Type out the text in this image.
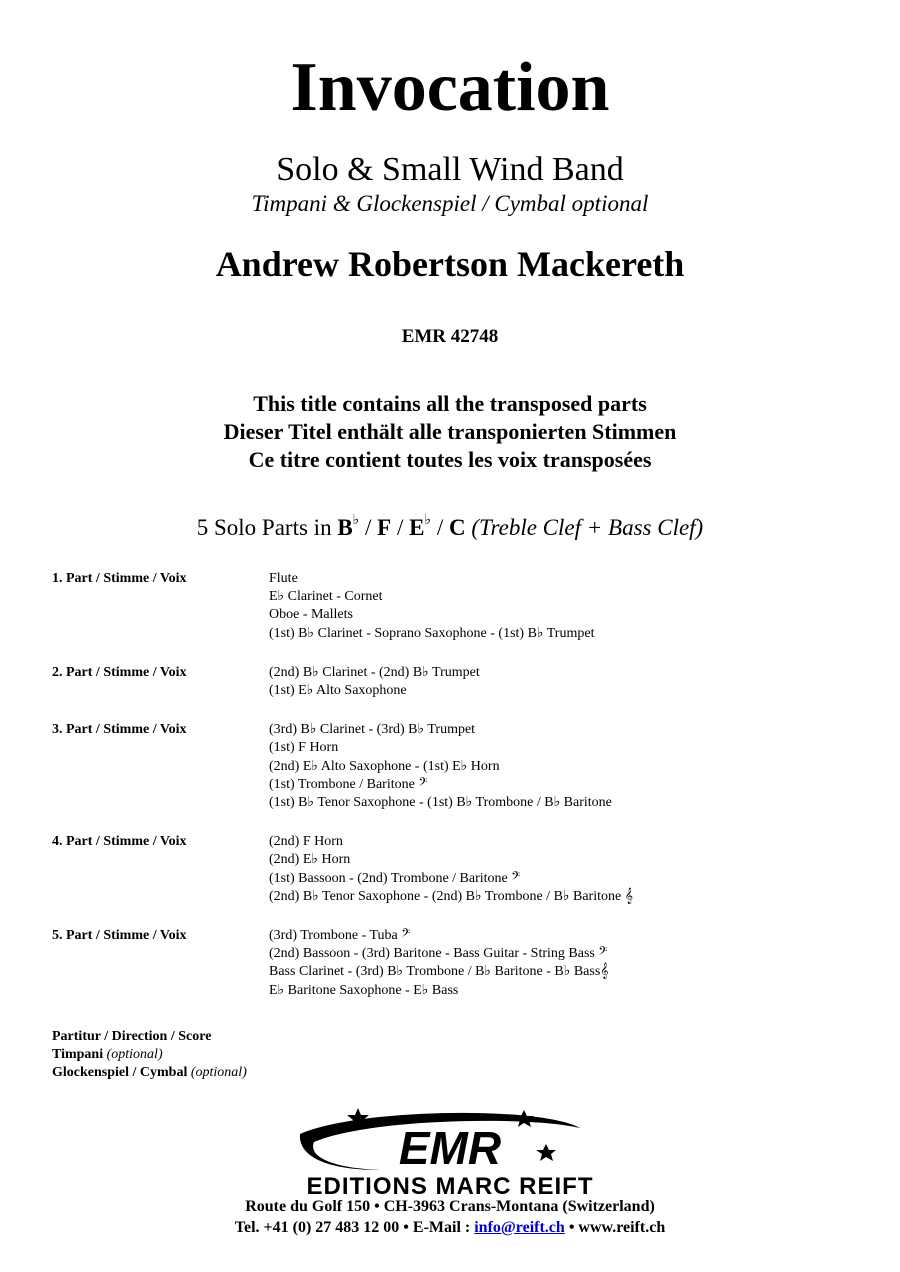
Invocation
Solo & Small Wind Band
Timpani & Glockenspiel / Cymbal optional
Andrew Robertson Mackereth
EMR 42748
This title contains all the transposed parts
Dieser Titel enthält alle transponierten Stimmen
Ce titre contient toutes les voix transposées
5 Solo Parts in B♭ / F / E♭ / C (Treble Clef + Bass Clef)
1. Part / Stimme / Voix	Flute
E♭ Clarinet - Cornet
Oboe - Mallets
(1st) B♭ Clarinet - Soprano Saxophone - (1st) B♭ Trumpet
2. Part / Stimme / Voix	(2nd) B♭ Clarinet - (2nd) B♭ Trumpet
(1st) E♭ Alto Saxophone
3. Part / Stimme / Voix	(3rd) B♭ Clarinet - (3rd) B♭ Trumpet
(1st) F Horn
(2nd) E♭ Alto Saxophone - (1st) E♭ Horn
(1st) Trombone / Baritone 𝄢
(1st) B♭ Tenor Saxophone - (1st) B♭ Trombone / B♭ Baritone
4. Part / Stimme / Voix	(2nd) F Horn
(2nd) E♭ Horn
(1st) Bassoon - (2nd) Trombone / Baritone 𝄢
(2nd) B♭ Tenor Saxophone - (2nd) B♭ Trombone / B♭ Baritone 𝄞
5. Part / Stimme / Voix	(3rd) Trombone - Tuba 𝄢
(2nd) Bassoon - (3rd) Baritone - Bass Guitar - String Bass 𝄢
Bass Clarinet - (3rd) B♭ Trombone / B♭ Baritone - B♭ Bass𝄞
E♭ Baritone Saxophone - E♭ Bass
Partitur / Direction / Score
Timpani (optional)
Glockenspiel / Cymbal (optional)
EMR
EDITIONS MARC REIFT
Route du Golf 150 • CH-3963 Crans-Montana (Switzerland)
Tel. +41 (0) 27 483 12 00 • E-Mail : info@reift.ch • www.reift.ch
